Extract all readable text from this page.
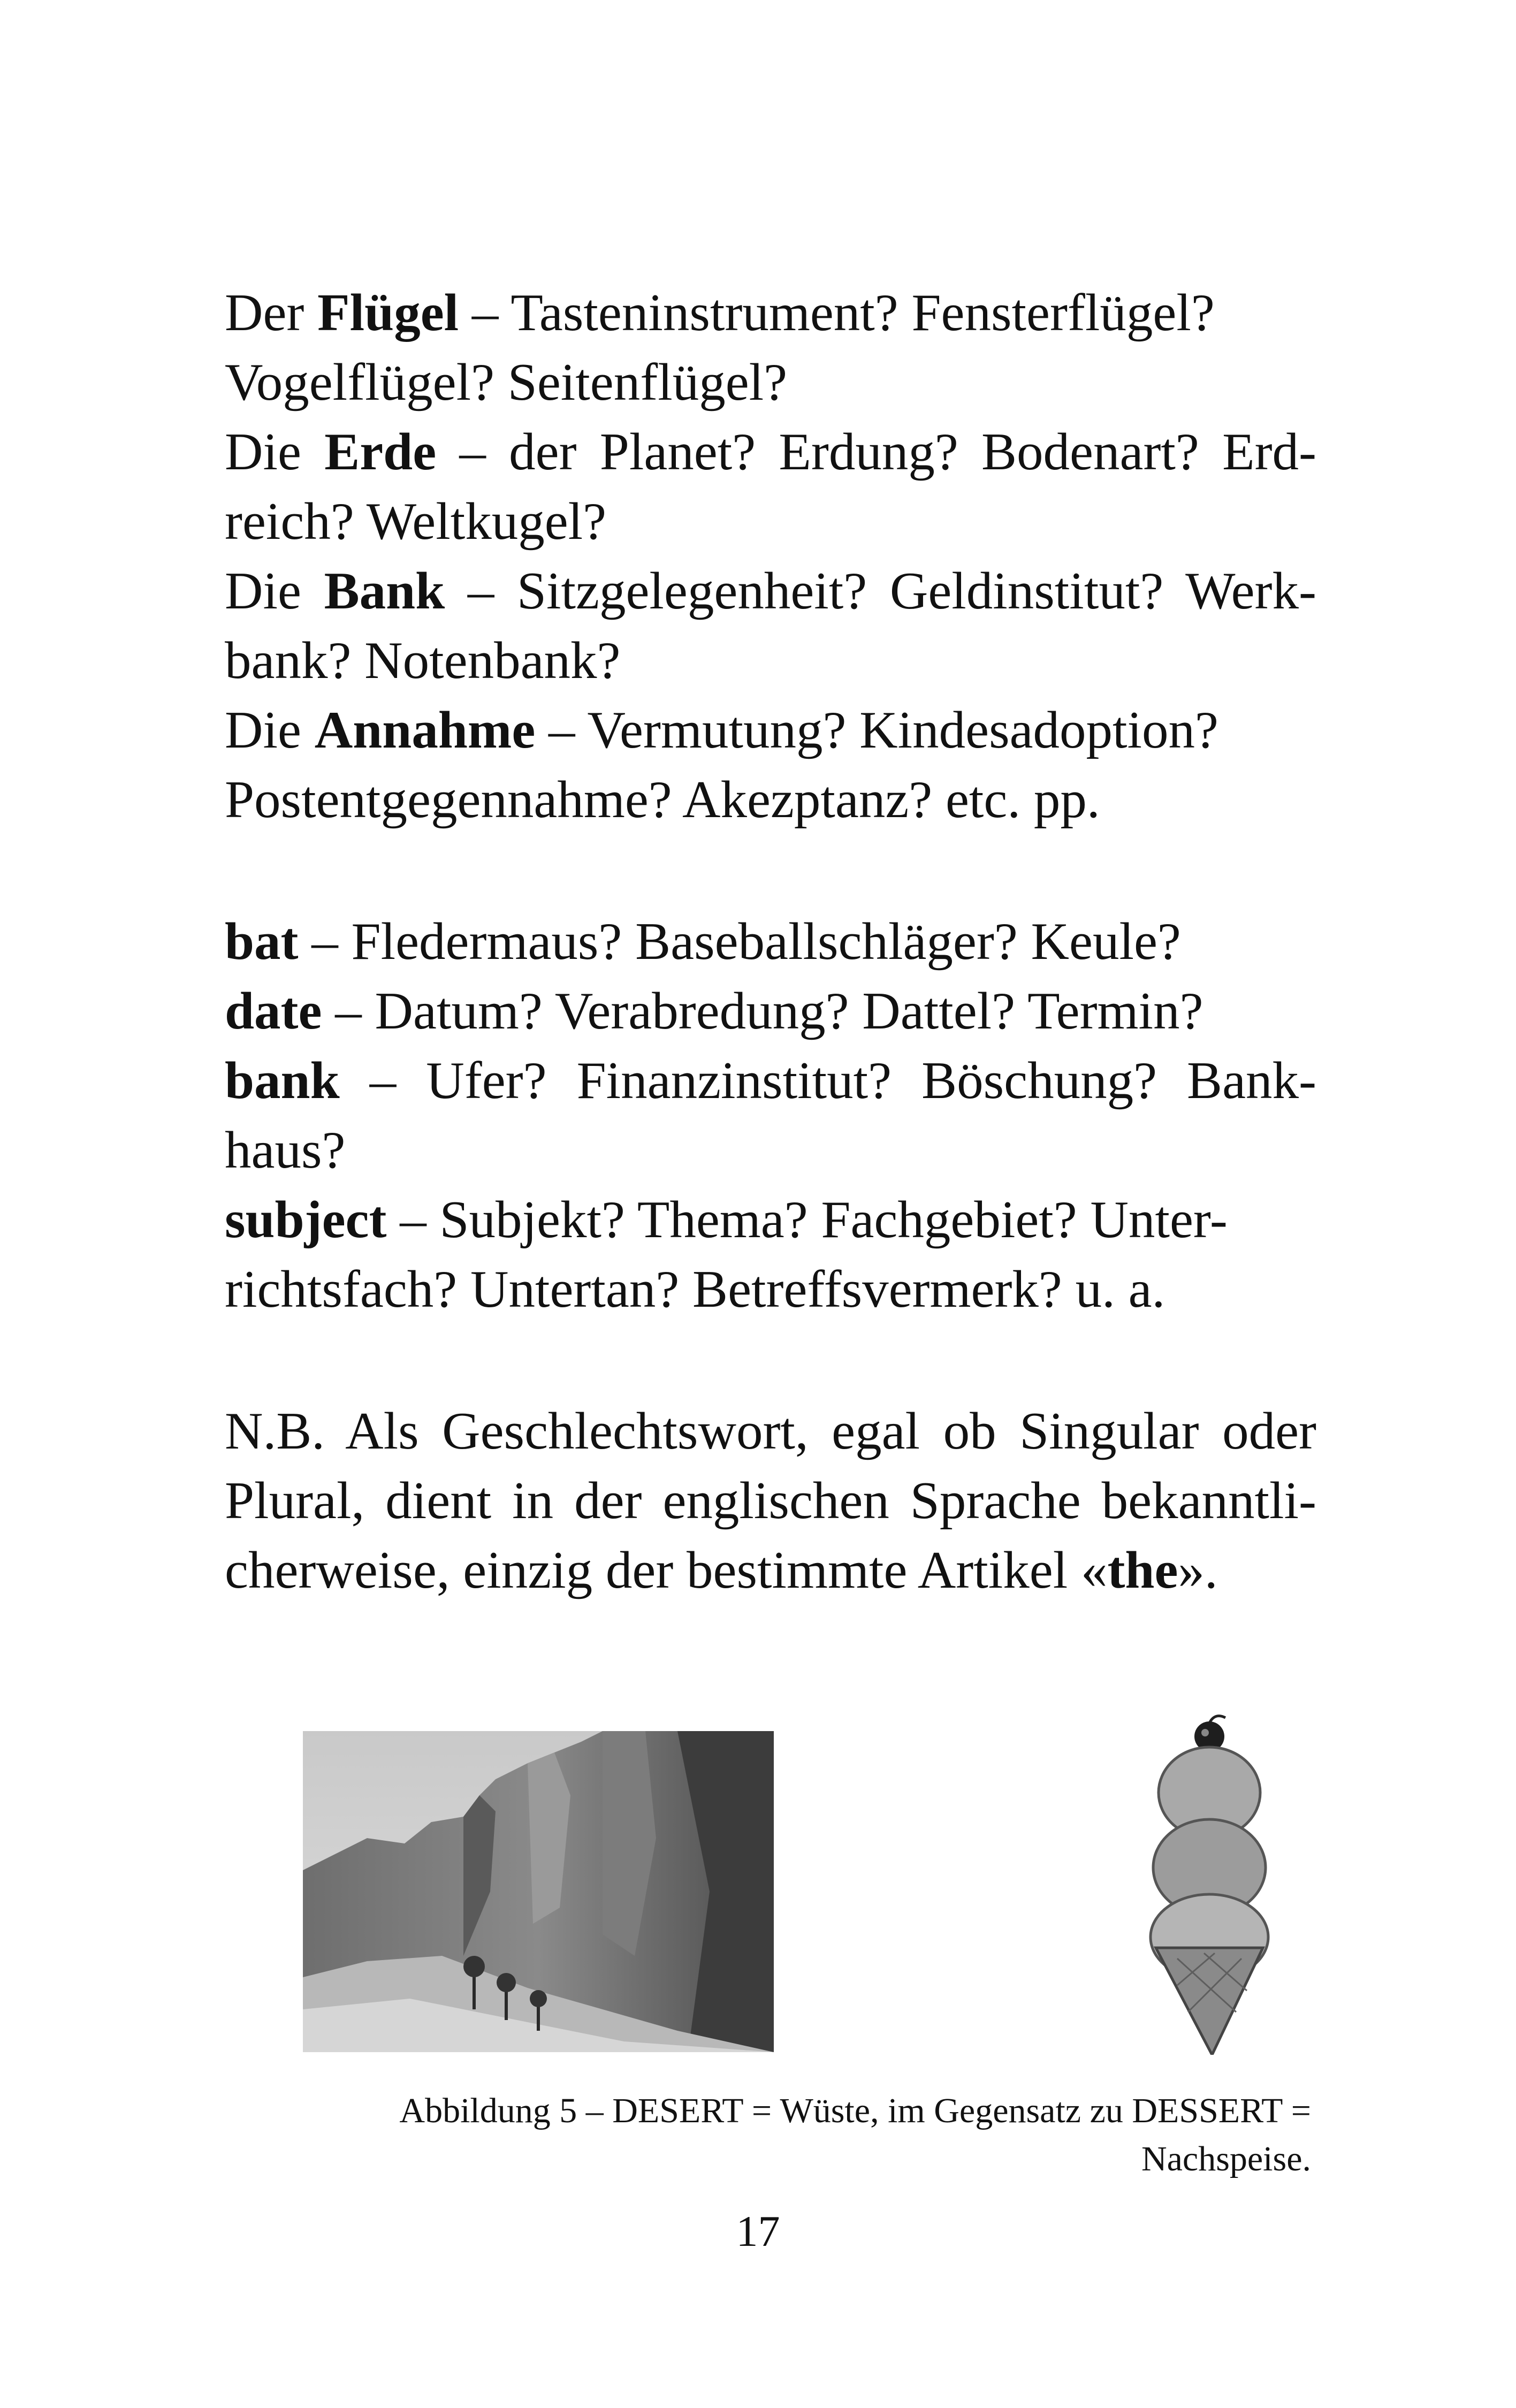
Der Flügel – Tasteninstrument? Fensterflügel?
Vogelflügel? Seitenflügel?
Die Erde – der Planet? Erdung? Bodenart? Erd-
reich? Weltkugel?
Die Bank – Sitzgelegenheit? Geldinstitut? Werk-
bank? Notenbank?
Die Annahme – Vermutung? Kindesadoption?
Postentgegennahme? Akezptanz? etc. pp.
bat – Fledermaus? Baseballschläger? Keule?
date – Datum? Verabredung? Dattel? Termin?
bank – Ufer? Finanzinstitut? Böschung? Bank-
haus?
subject – Subjekt? Thema? Fachgebiet? Unter-
richtsfach? Untertan? Betreffsvermerk? u. a.
N.B. Als Geschlechtswort, egal ob Singular oder
Plural, dient in der englischen Sprache bekanntli-
cherweise, einzig der bestimmte Artikel «the».
Abbildung 5 – DESERT = Wüste, im Gegensatz zu DESSERT =
Nachspeise.
17
